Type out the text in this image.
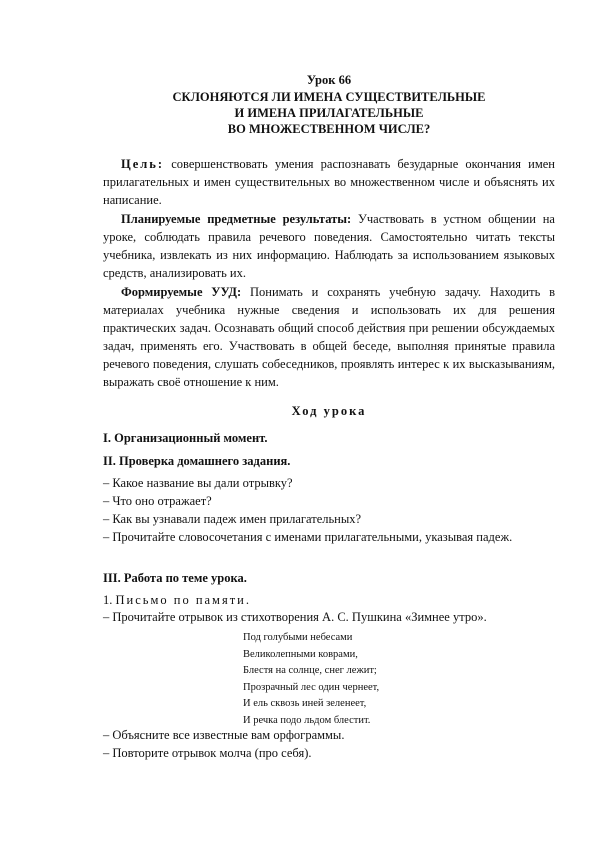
Урок 66
СКЛОНЯЮТСЯ ЛИ ИМЕНА СУЩЕСТВИТЕЛЬНЫЕ
И ИМЕНА ПРИЛАГАТЕЛЬНЫЕ
ВО МНОЖЕСТВЕННОМ ЧИСЛЕ?

Цель: совершенствовать умения распознавать безударные окончания имен прилагательных и имен существительных во множественном числе и объяснять их написание.

Планируемые предметные результаты: Участвовать в устном общении на уроке, соблюдать правила речевого поведения. Самостоятельно читать тексты учебника, извлекать из них информацию. Наблюдать за использованием языковых средств, анализировать их.

Формируемые УУД: Понимать и сохранять учебную задачу. Находить в материалах учебника нужные сведения и использовать их для решения практических задач. Осознавать общий способ действия при решении обсуждаемых задач, применять его. Участвовать в общей беседе, выполняя принятые правила речевого поведения, слушать собеседников, проявлять интерес к их высказываниям, выражать своё отношение к ним.

Ход урока
I. Организационный момент.
II. Проверка домашнего задания.
– Какое название вы дали отрывку?
– Что оно отражает?
– Как вы узнавали падеж имен прилагательных?

– Прочитайте словосочетания с именами прилагательными, указывая падеж.

III. Работа по теме урока.
1. Письмо по памяти.
– Прочитайте отрывок из стихотворения А. С. Пушкина «Зимнее утро».
Под голубыми небесами
Великолепными коврами,
Блестя на солнце, снег лежит;
Прозрачный лес один чернеет,
И ель сквозь иней зеленеет,
И речка подо льдом блестит.
– Объясните все известные вам орфограммы.
– Повторите отрывок молча (про себя).
